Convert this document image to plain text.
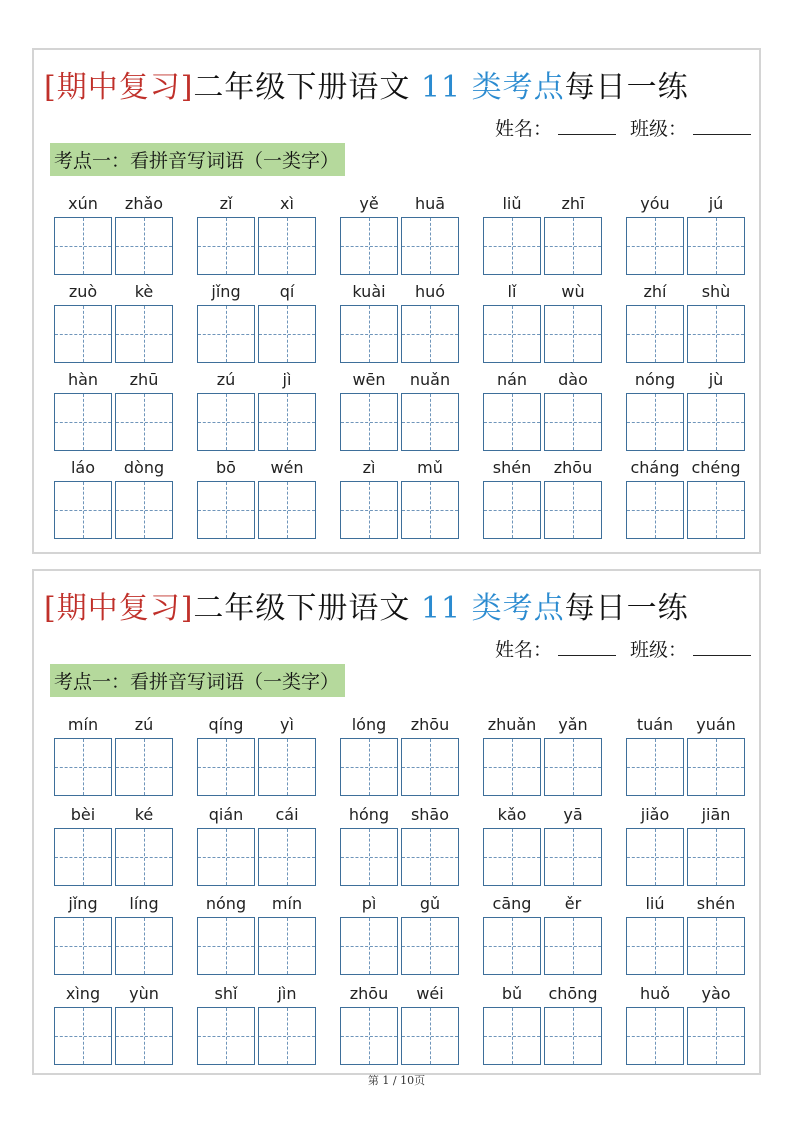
[期中复习]二年级下册语文 11 类考点每日一练
姓名：	班级：
考点一：看拼音写词语（一类字）
xún	zhǎo	zǐ	xì	yě	huā	liǔ	zhī	yóu	jú
zuò	kè	jǐng	qí	kuài	huó	lǐ	wù	zhí	shù
hàn	zhū	zú	jì	wēn	nuǎn	nán	dào	nóng	jù
láo	dòng	bō	wén	zì	mǔ	shén	zhōu	cháng chéng
[期中复习]二年级下册语文 11 类考点每日一练
姓名：	班级：
考点一：看拼音写词语（一类字）
mín	zú	qíng	yì	lóng	zhōu	zhuǎn	yǎn	tuán	yuán
bèi	ké	qián	cái	hóng	shāo	kǎo	yā	jiǎo	jiān
jǐng	líng	nóng	mín	pì	gǔ	cāng	ěr	liú	shén
xìng	yùn	shǐ	jìn	zhōu	wéi	bǔ	chōng	huǒ	yào
第 1 / 10页
